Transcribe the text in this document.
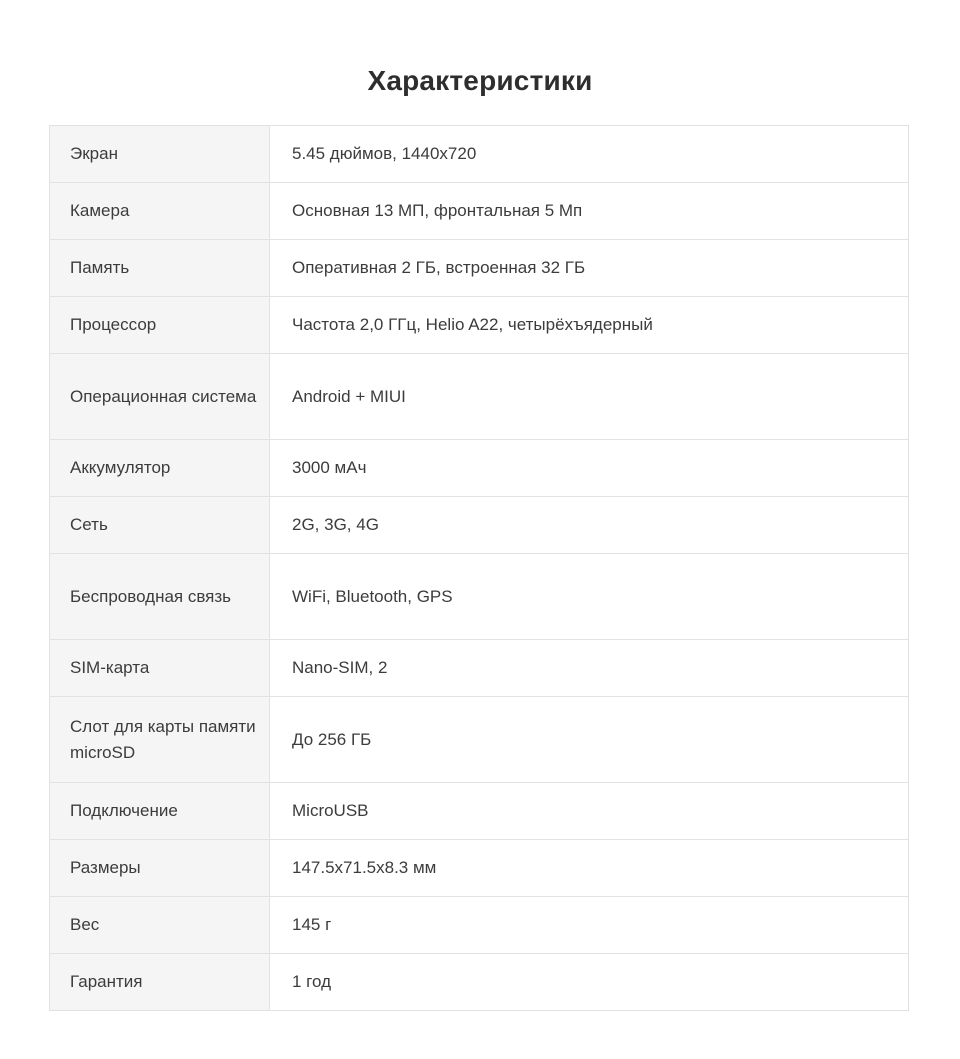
Характеристики
Экран	5.45 дюймов, 1440x720
Камера	Основная 13 МП, фронтальная 5 Мп
Память	Оперативная 2 ГБ, встроенная 32 ГБ
Процессор	Частота 2,0 ГГц, Helio A22, четырёхъядерный
Операционная система	Android + MIUI
Аккумулятор	3000 мАч
Сеть	2G, 3G, 4G
Беспроводная связь	WiFi, Bluetooth, GPS
SIM-карта	Nano-SIM, 2
Слот для карты памяти microSD	До 256 ГБ
Подключение	MicroUSB
Размеры	147.5x71.5x8.3 мм
Вес	145 г
Гарантия	1 год
